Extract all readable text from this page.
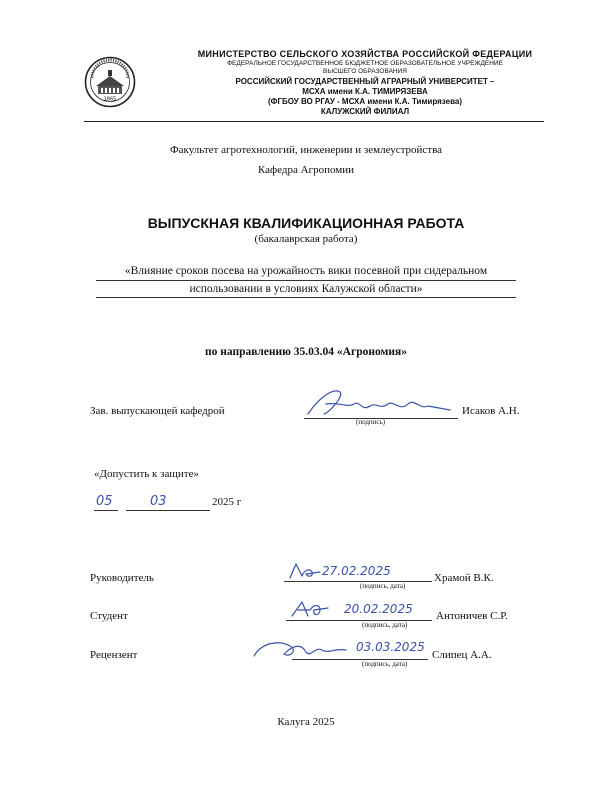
1865
МИНИСТЕРСТВО СЕЛЬСКОГО ХОЗЯЙСТВА РОССИЙСКОЙ ФЕДЕРАЦИИ
ФЕДЕРАЛЬНОЕ ГОСУДАРСТВЕННОЕ БЮДЖЕТНОЕ ОБРАЗОВАТЕЛЬНОЕ УЧРЕЖДЕНИЕ
ВЫСШЕГО ОБРАЗОВАНИЯ
РОССИЙСКИЙ ГОСУДАРСТВЕННЫЙ АГРАРНЫЙ УНИВЕРСИТЕТ –
МСХА имени К.А. ТИМИРЯЗЕВА
(ФГБОУ ВО РГАУ - МСХА имени К.А. Тимирязева)
КАЛУЖСКИЙ ФИЛИАЛ
Факультет агротехнологий, инженерии и землеустройства
Кафедра Агропомии
ВЫПУСКНАЯ КВАЛИФИКАЦИОННАЯ РАБОТА
(бакалаврская работа)
«Влияние сроков посева на урожайность вики посевной при сидеральном
использовании в условиях Калужской области»
по направлению 35.03.04 «Агрономия»
Зав. выпускающей кафедрой
(подпись)
Исаков А.Н.
«Допустить к защите»
05	03	2025 г
Руководитель	27.02.2025
(подпись, дата)
Храмой В.К.
Студент	20.02.2025
(подпись, дата)
Антоничев С.Р.
Рецензент
03.03.2025
(подпись, дата)
Слипец А.А.
Калуга 2025
